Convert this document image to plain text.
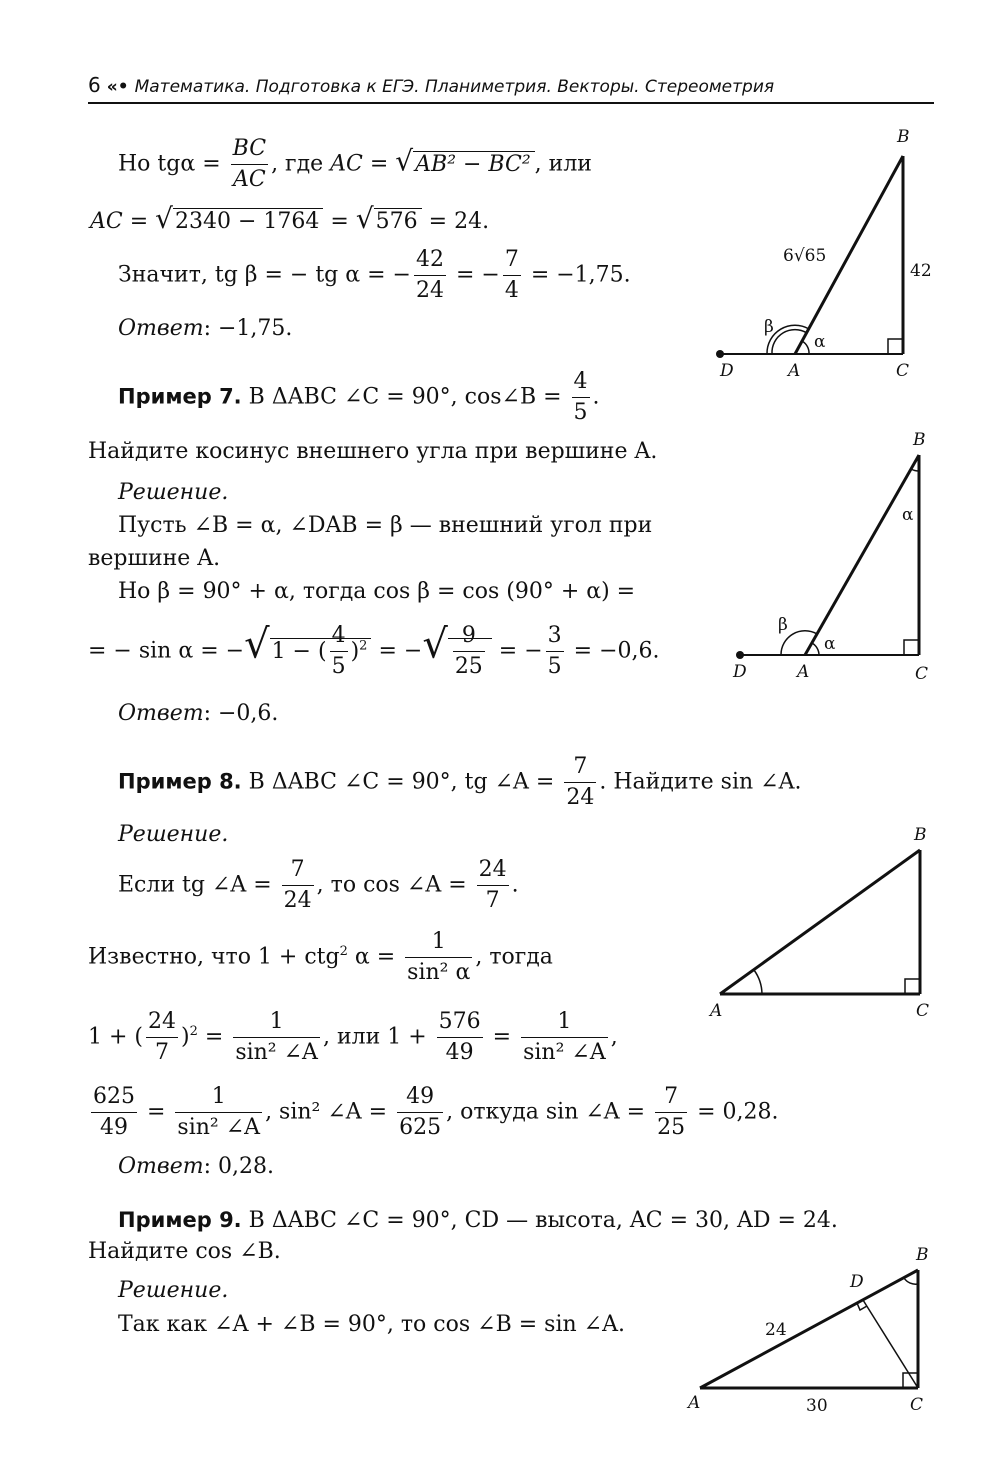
6 «• Математика. Подготовка к ЕГЭ. Планиметрия. Векторы. Стереометрия
Но $tg\alpha = \frac{BC}{AC}$ , где AC = √AB² − BC² , или
AC = √2340 − 1764 = √576 = 24.
Значит, tg β = − tg α = − $\frac{42}{24}$ = − $\frac{7}{4} = -1,75$.
Ответ: −1,75.
Пример 7. В ΔABC ∠C = 90°, cos∠B = $\frac{4}{5}$ .
Найдите косинус внешнего угла при вершине A.
Решение.
Пусть ∠B = α, ∠DAB = β — внешний угол при
вершине A.
Но β = 90° + α, тогда cos β = cos (90° + α) =
= − sin α = −√1 − ( $\frac{4}{5} )^2$ = −√ $\frac{9}{25}$ = − $\frac{3}{5} = -0,6$.
Ответ: −0,6.
Пример 8. В ΔABC ∠C = 90°, tg ∠A = $\frac{7}{24}$ . Найдите sin ∠A.
Решение.
Если tg ∠A = $\frac{7}{24}$ , то cos ∠A = $\frac{24}{7}$ .
Известно, что 1 + ctg$^2$ $\alpha = \frac{1}{\text{sin² α}}$ , тогда
1 + ( $\frac{24}{7} )^2 = \frac{1}{\text{sin² ∠A}}$ , или $1 + \frac{576}{49} = \frac{1}{\text{sin² ∠A}}$ ,
$\frac{625}{49} = \frac{1}{\text{sin² ∠A}}$ , sin² ∠A = $\frac{49}{625}$ , откуда sin ∠A = $\frac{7}{25} = 0,28$.
Ответ: 0,28.
Пример 9. В ΔABC ∠C = 90°, CD — высота, AC = 30, AD = 24.
Найдите cos ∠B.
Решение.
Так как ∠A + ∠B = 90°, то cos ∠B = sin ∠A.
B
C
A
D
6√65
42
β
α
B
C
A
D
β
α
α
B
C
A
B
C
A
D
24
30
